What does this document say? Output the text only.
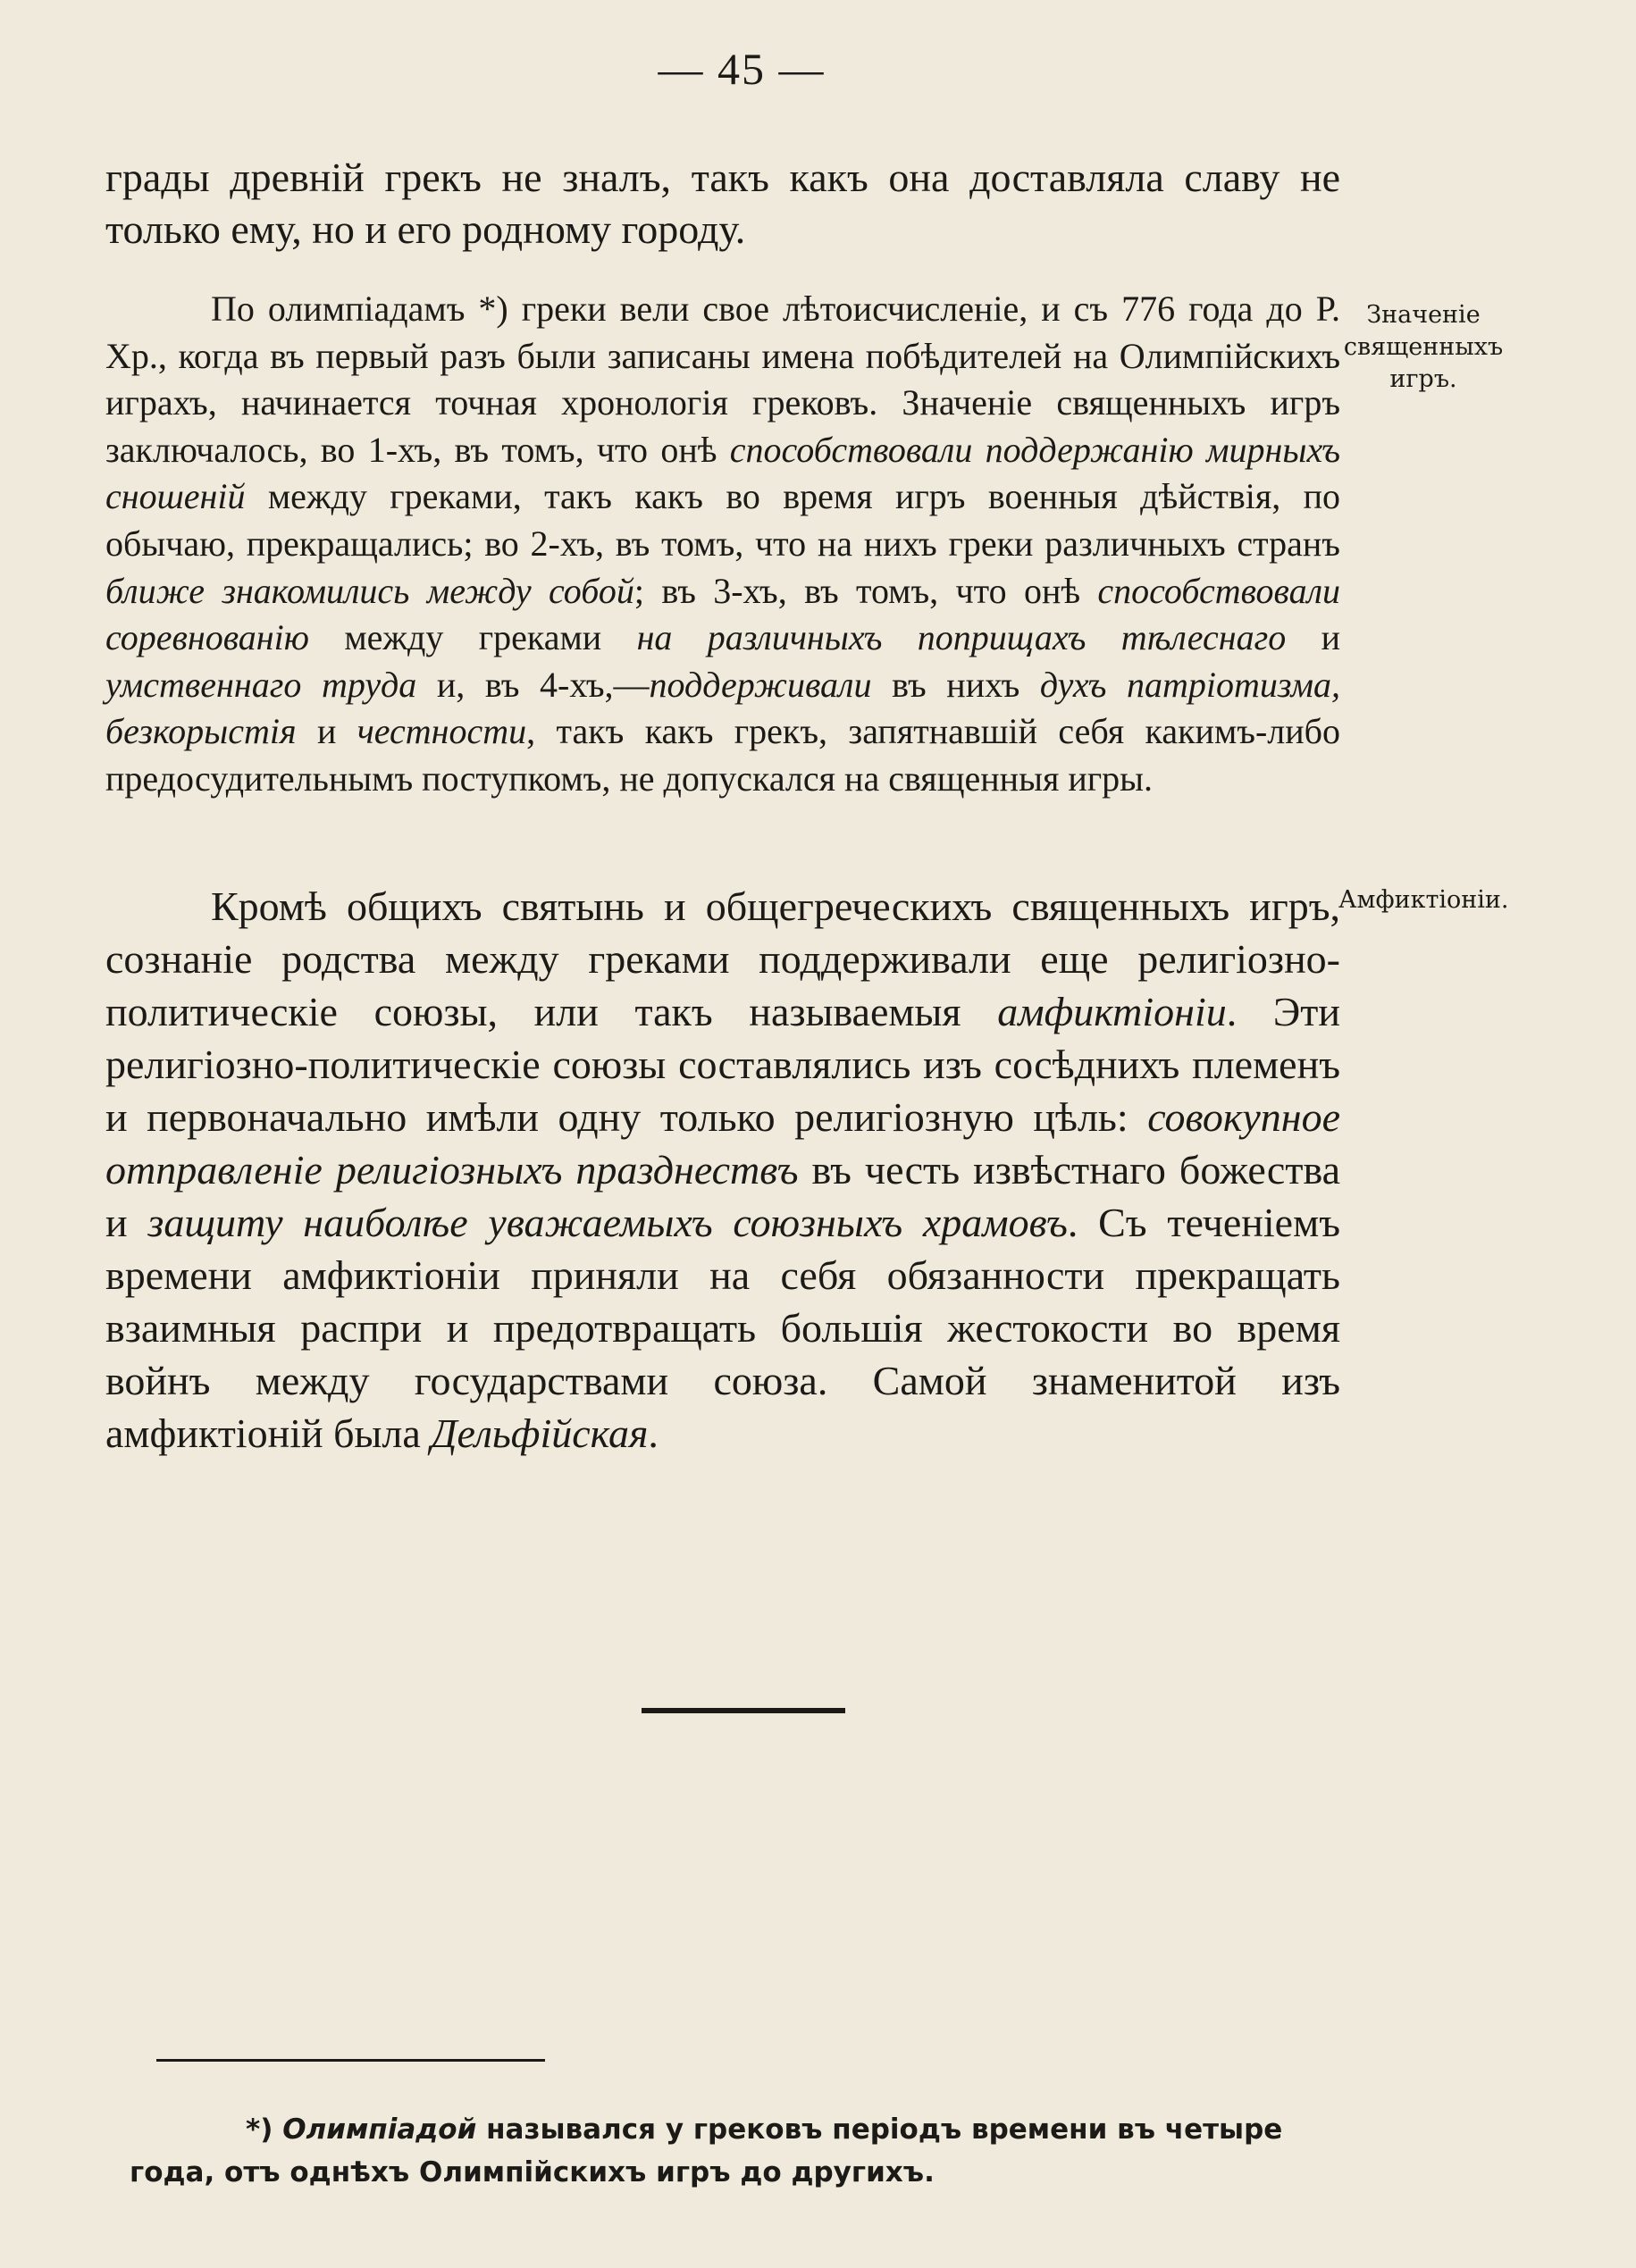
— 45 —
грады древній грекъ не зналъ, такъ какъ она доставляла славу не только ему, но и его родному городу.
По олимпіадамъ *) греки вели свое лѣтоисчисленіе, и съ 776 года до Р. Хр., когда въ первый разъ были записаны имена побѣдителей на Олимпійскихъ играхъ, начинается точная хронологія грековъ. Значеніе священныхъ игръ заключалось, во 1-хъ, въ томъ, что онѣ способствовали поддержанію мирныхъ сношеній между греками, такъ какъ во время игръ военныя дѣйствія, по обычаю, прекращались; во 2-хъ, въ томъ, что на нихъ греки различныхъ странъ ближе знакомились между собой; въ 3-хъ, въ томъ, что онѣ способствовали соревнованію между греками на различныхъ поприщахъ тѣлеснаго и умственнаго труда и, въ 4-хъ,—поддерживали въ нихъ духъ патріотизма, безкорыстія и честности, такъ какъ грекъ, запятнавшій себя какимъ-либо предосудительнымъ поступкомъ, не допускался на священныя игры.
Значеніе священныхъ игръ.
Кромѣ общихъ святынь и общегреческихъ священныхъ игръ, сознаніе родства между греками поддерживали еще религіозно-политическіе союзы, или такъ называемыя амфиктіоніи. Эти религіозно-политическіе союзы составлялись изъ сосѣднихъ племенъ и первоначально имѣли одну только религіозную цѣль: совокупное отправленіе религіозныхъ празднествъ въ честь извѣстнаго божества и защиту наиболѣе уважаемыхъ союзныхъ храмовъ. Съ теченіемъ времени амфиктіоніи приняли на себя обязанности прекращать взаимныя распри и предотвращать большія жестокости во время войнъ между государствами союза. Самой знаменитой изъ амфиктіоній была Дельфійская.
Амфиктіоніи.
*) Олимпіадой назывался у грековъ періодъ времени въ четыре года, отъ однѣхъ Олимпійскихъ игръ до другихъ.
